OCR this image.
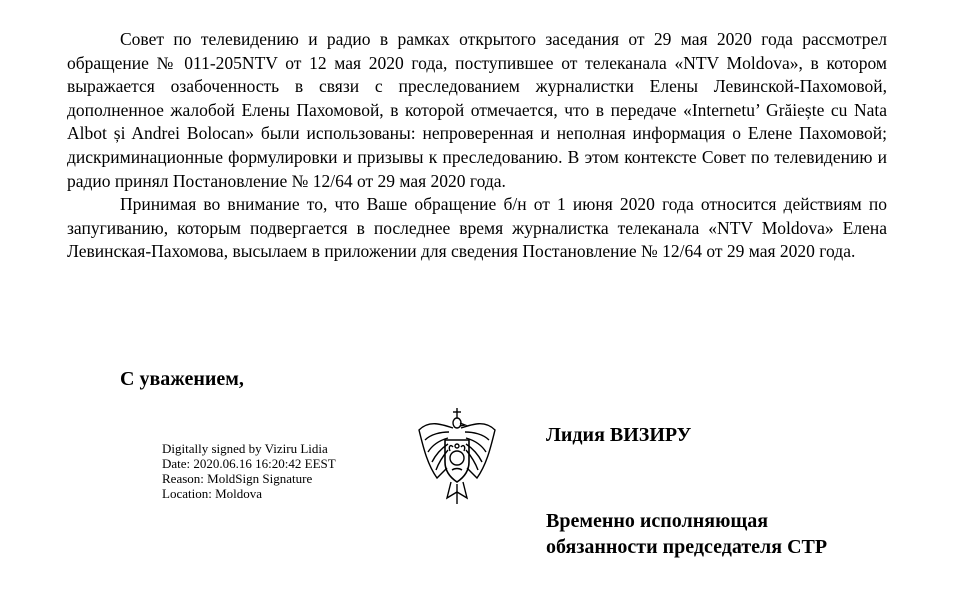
Совет по телевидению и радио в рамках открытого заседания от 29 мая 2020 года рассмотрел обращение № 011-205NTV от 12 мая 2020 года, поступившее от телеканала «NTV Moldova», в котором выражается озабоченность в связи с преследованием журналистки Елены Левинской-Пахомовой, дополненное жалобой Елены Пахомовой, в которой отмечается, что в передаче «Internetu’ Grăiește cu Nata Albot și Andrei Bolocan» были использованы: непроверенная и неполная информация о Елене Пахомовой; дискриминационные формулировки и призывы к преследованию. В этом контексте Совет по телевидению и радио принял Постановление № 12/64 от 29 мая 2020 года.

Принимая во внимание то, что Ваше обращение б/н от 1 июня 2020 года относится действиям по запугиванию, которым подвергается в последнее время журналистка телеканала «NTV Moldova» Елена Левинская-Пахомова, высылаем в приложении для сведения Постановление № 12/64 от 29 мая 2020 года.

С уважением,

Digitally signed by Viziru Lidia
Date: 2020.06.16 16:20:42 EEST
Reason: MoldSign Signature
Location: Moldova

Лидия ВИЗИРУ

Временно исполняющая
обязанности председателя СТР
